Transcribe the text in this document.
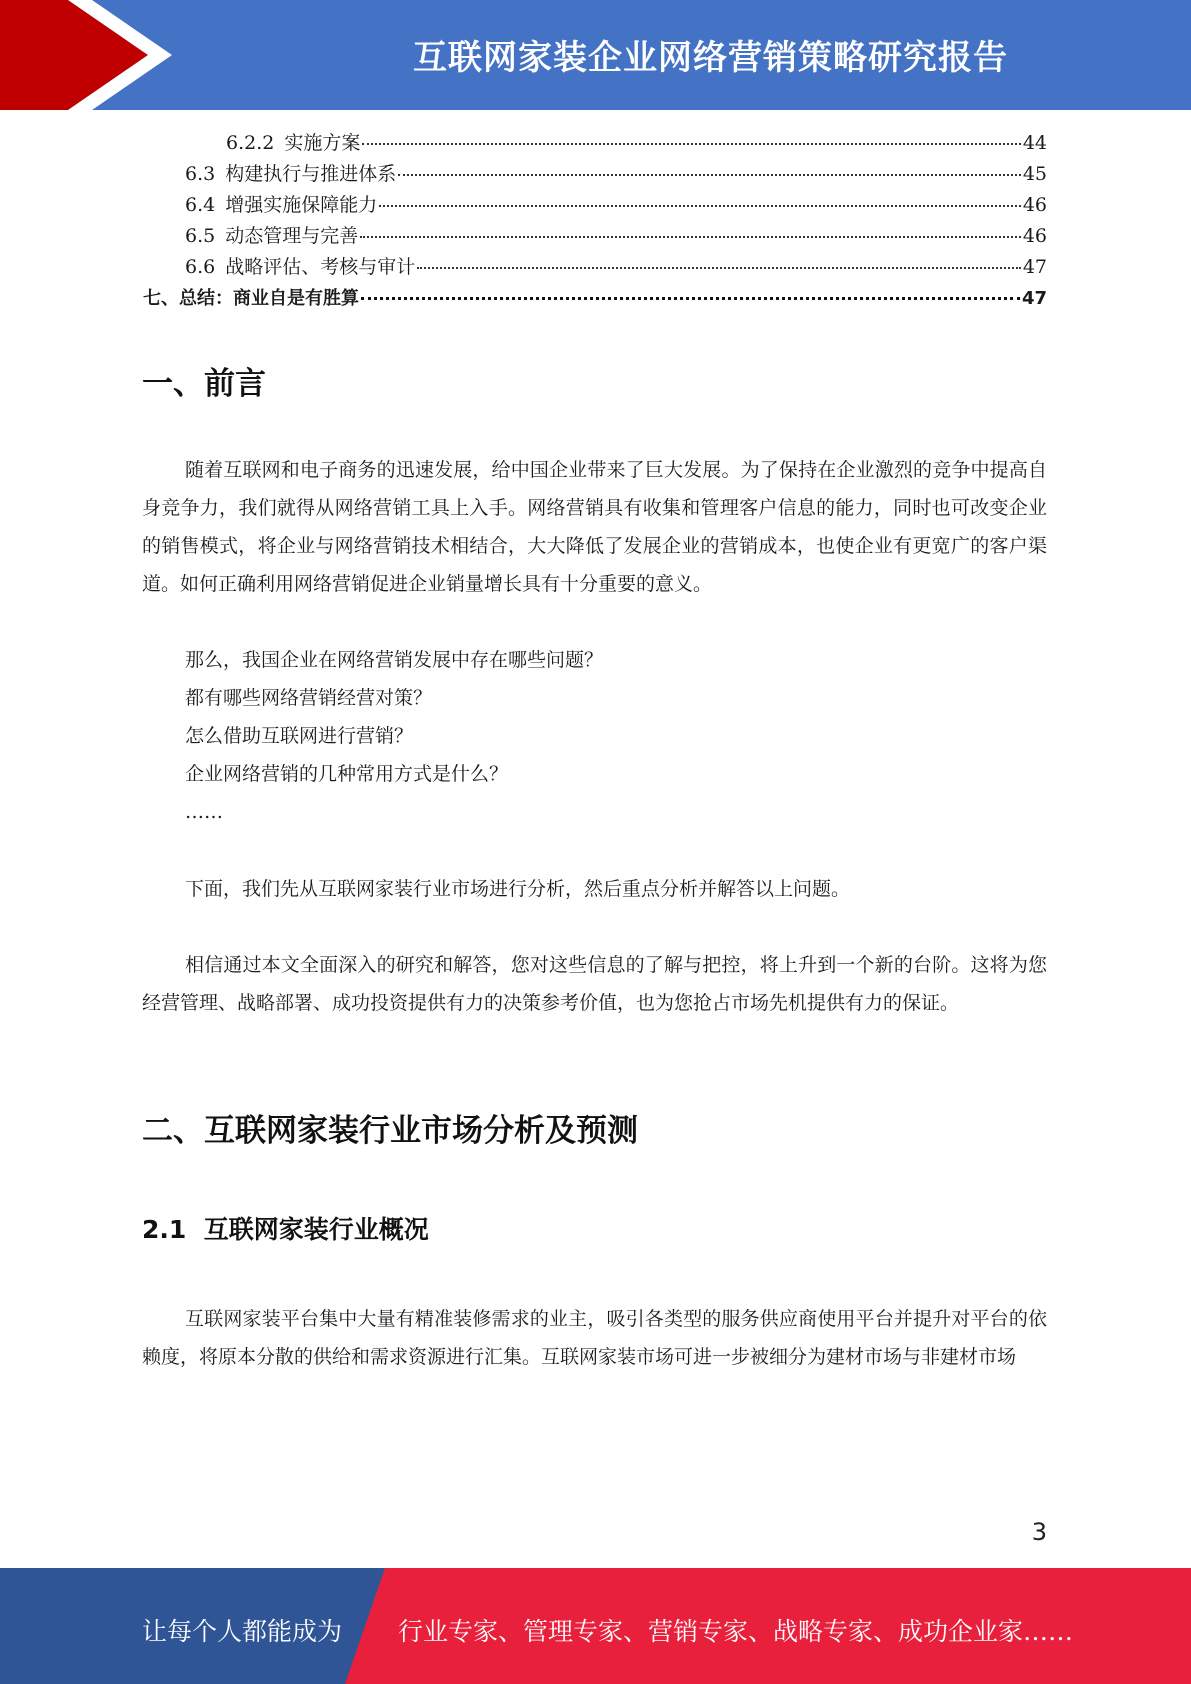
互联网家装企业网络营销策略研究报告
6.2.2 实施方案	44
6.3 构建执行与推进体系	45
6.4 增强实施保障能力	46
6.5 动态管理与完善	46
6.6 战略评估、考核与审计	47
七、总结：商业自是有胜算	47
一、前言
随着互联网和电子商务的迅速发展，给中国企业带来了巨大发展。为了保持在企业激烈的竞争中提高自身竞争力，我们就得从网络营销工具上入手。网络营销具有收集和管理客户信息的能力，同时也可改变企业的销售模式，将企业与网络营销技术相结合，大大降低了发展企业的营销成本，也使企业有更宽广的客户渠道。如何正确利用网络营销促进企业销量增长具有十分重要的意义。
那么，我国企业在网络营销发展中存在哪些问题？
都有哪些网络营销经营对策？
怎么借助互联网进行营销？
企业网络营销的几种常用方式是什么？
……
下面，我们先从互联网家装行业市场进行分析，然后重点分析并解答以上问题。
相信通过本文全面深入的研究和解答，您对这些信息的了解与把控，将上升到一个新的台阶。这将为您经营管理、战略部署、成功投资提供有力的决策参考价值，也为您抢占市场先机提供有力的保证。
二、互联网家装行业市场分析及预测
2.1  互联网家装行业概况
互联网家装平台集中大量有精准装修需求的业主，吸引各类型的服务供应商使用平台并提升对平台的依赖度，将原本分散的供给和需求资源进行汇集。互联网家装市场可进一步被细分为建材市场与非建材市场
3
让每个人都能成为 行业专家、管理专家、营销专家、战略专家、成功企业家……
